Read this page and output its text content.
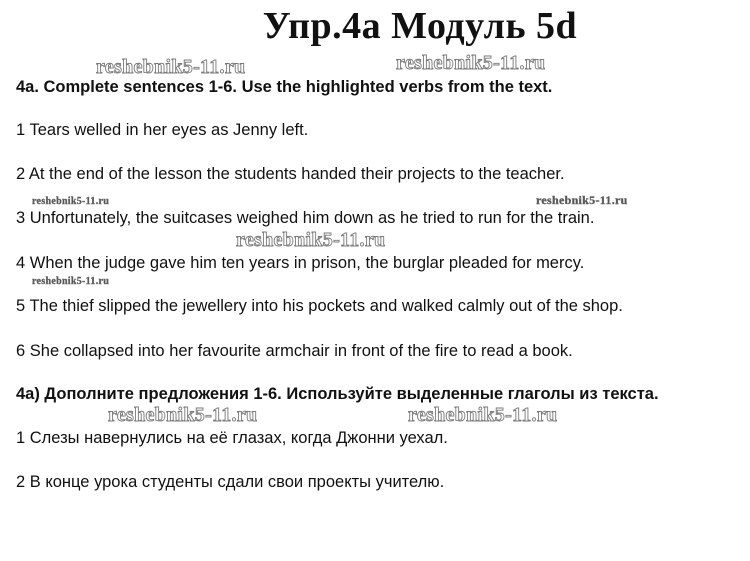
Упр.4а Модуль 5d
reshebnik5-11.ru	reshebnik5-11.ru
4a. Complete sentences 1-6. Use the highlighted verbs from the text.
1 Tears welled in her eyes as Jenny left.
2 At the end of the lesson the students handed their projects to the teacher.
reshebnik5-11.ru	reshebnik5-11.ru
3 Unfortunately, the suitcases weighed him down as he tried to run for the train.
reshebnik5-11.ru
4 When the judge gave him ten years in prison, the burglar pleaded for mercy.
reshebnik5-11.ru
5 The thief slipped the jewellery into his pockets and walked calmly out of the shop.
6 She collapsed into her favourite armchair in front of the fire to read a book.
4а) Дополните предложения 1-6. Используйте выделенные глаголы из текста.
reshebnik5-11.ru	reshebnik5-11.ru
1 Слезы навернулись на её глазах, когда Джонни уехал.
2 В конце урока студенты сдали свои проекты учителю.
